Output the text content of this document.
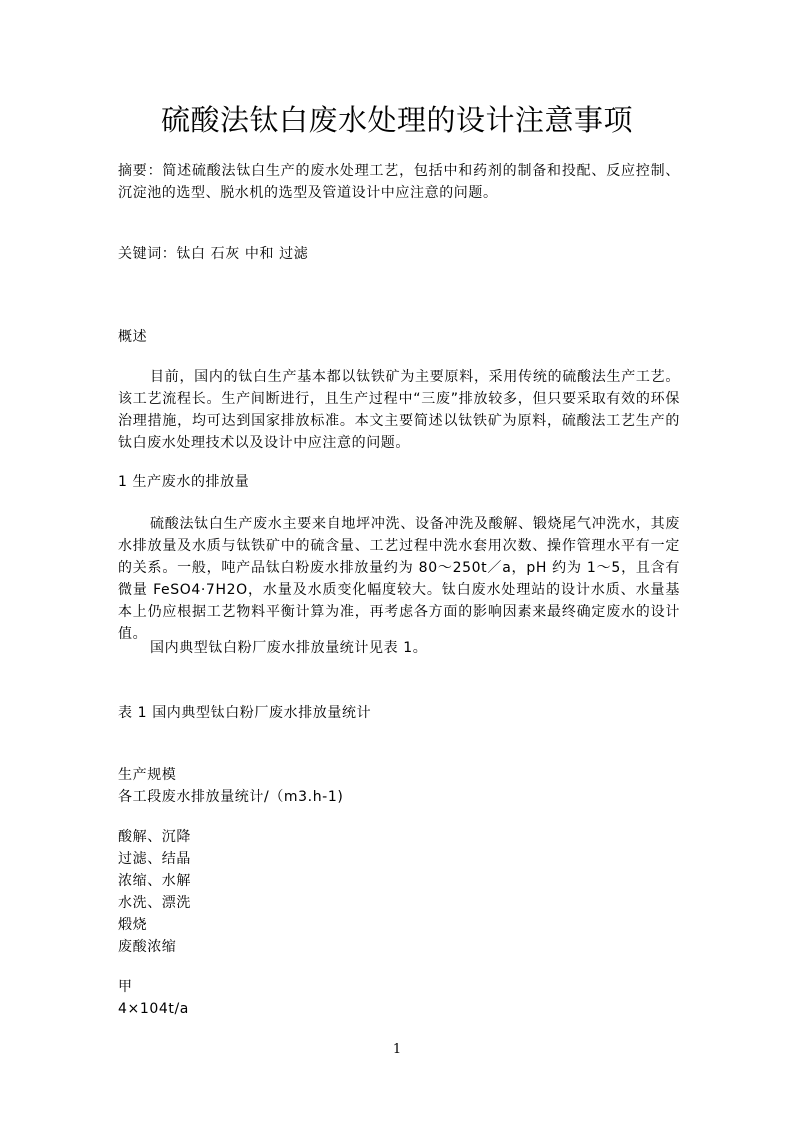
硫酸法钛白废水处理的设计注意事项
摘要：简述硫酸法钛白生产的废水处理工艺，包括中和药剂的制备和投配、反应控制、沉淀池的选型、脱水机的选型及管道设计中应注意的问题。
关键词：钛白 石灰 中和 过滤
概述
目前，国内的钛白生产基本都以钛铁矿为主要原料，采用传统的硫酸法生产工艺。该工艺流程长。生产间断进行，且生产过程中“三废”排放较多，但只要采取有效的环保治理措施，均可达到国家排放标准。本文主要简述以钛铁矿为原料，硫酸法工艺生产的钛白废水处理技术以及设计中应注意的问题。
1 生产废水的排放量
硫酸法钛白生产废水主要来自地坪冲洗、设备冲洗及酸解、锻烧尾气冲洗水，其废水排放量及水质与钛铁矿中的硫含量、工艺过程中洗水套用次数、操作管理水平有一定的关系。一般，吨产品钛白粉废水排放量约为 80～250t／a，pH 约为 1～5，且含有微量 FeSO4·7H2O，水量及水质变化幅度较大。钛白废水处理站的设计水质、水量基本上仍应根据工艺物料平衡计算为准，再考虑各方面的影响因素来最终确定废水的设计值。
国内典型钛白粉厂废水排放量统计见表 1。
表 1 国内典型钛白粉厂废水排放量统计
生产规模
各工段废水排放量统计/（m3.h-1)
酸解、沉降
过滤、结晶
浓缩、水解
水洗、漂洗
煅烧
废酸浓缩
甲
4×104t/a
1
